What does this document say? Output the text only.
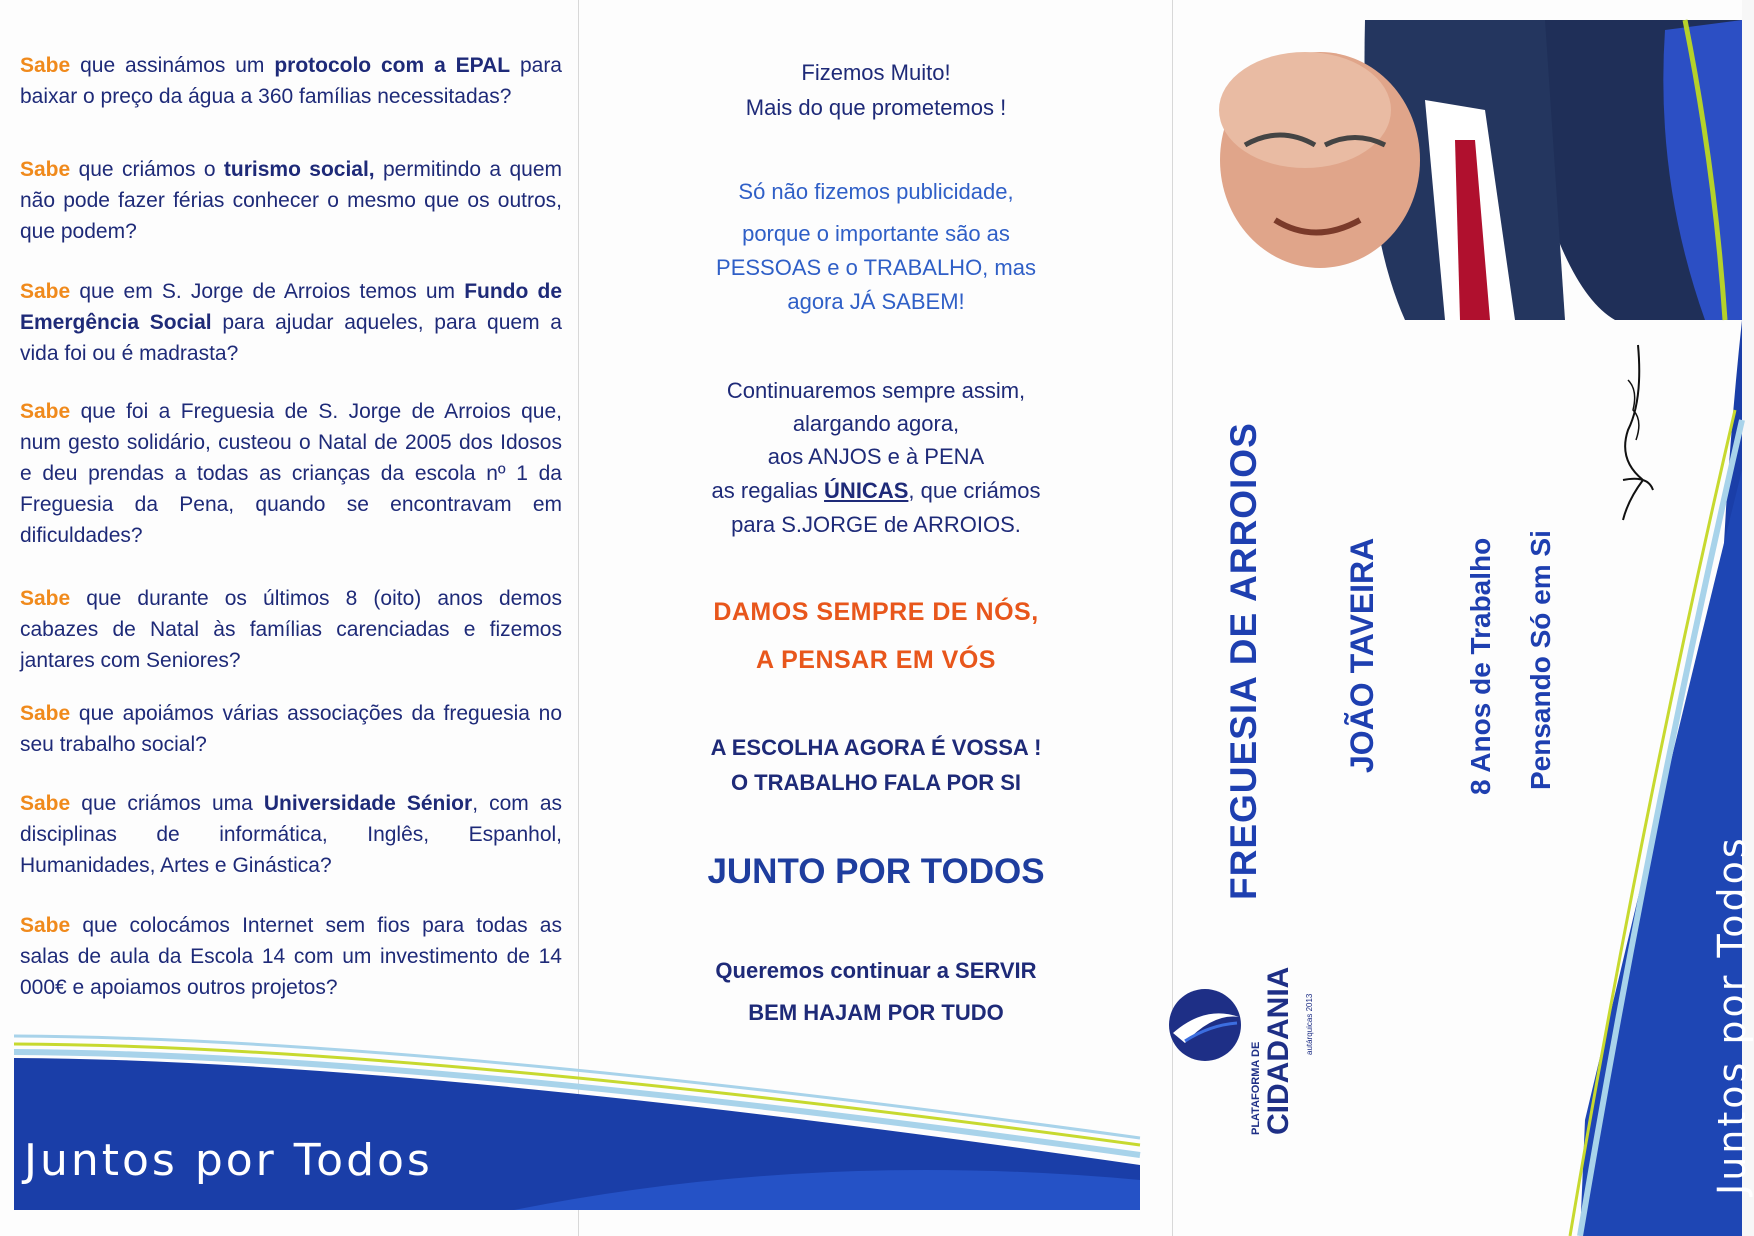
Sabe que assinámos um protocolo com a EPAL para baixar o preço da água a 360 famílias necessitadas?

Sabe que criámos o turismo social, permitindo a quem não pode fazer férias conhecer o mesmo que os outros, que podem?

Sabe que em S. Jorge de Arroios temos um Fundo de Emergência Social para ajudar aqueles, para quem a vida foi ou é madrasta?

Sabe que foi a Freguesia de S. Jorge de Arroios que, num gesto solidário, custeou o Natal de 2005 dos Idosos e deu prendas a todas as crianças da escola nº 1 da Freguesia da Pena, quando se encontravam em dificuldades?

Sabe que durante os últimos 8 (oito) anos demos cabazes de Natal às famílias carenciadas e fizemos jantares com Seniores?

Sabe que apoiámos várias associações da freguesia no seu trabalho social?

Sabe que criámos uma Universidade Sénior, com as disciplinas de informática, Inglês, Espanhol, Humanidades, Artes e Ginástica?

Sabe que colocámos Internet sem fios para todas as salas de aula da Escola 14 com um investimento de 14 000€ e apoiamos outros projetos?

Fizemos Muito!

Mais do que prometemos !

Só não fizemos publicidade,

porque o importante são as

PESSOAS e o TRABALHO, mas

agora JÁ SABEM!

Continuaremos sempre assim,

alargando agora,

aos ANJOS e à PENA

as regalias ÚNICAS, que criámos

para S.JORGE de ARROIOS.

DAMOS SEMPRE DE NÓS,

A PENSAR EM VÓS

A ESCOLHA AGORA É VOSSA !

O TRABALHO FALA POR SI

JUNTO POR TODOS

Queremos continuar a SERVIR

BEM HAJAM POR TUDO

FREGUESIA DE ARROIOS	JOÃO TAVEIRA	8 Anos de Trabalho Pensando Só em Si
PLATAFORMA DE CIDADANIA autárquicas 2013	Juntos por Todos
Juntos por Todos
